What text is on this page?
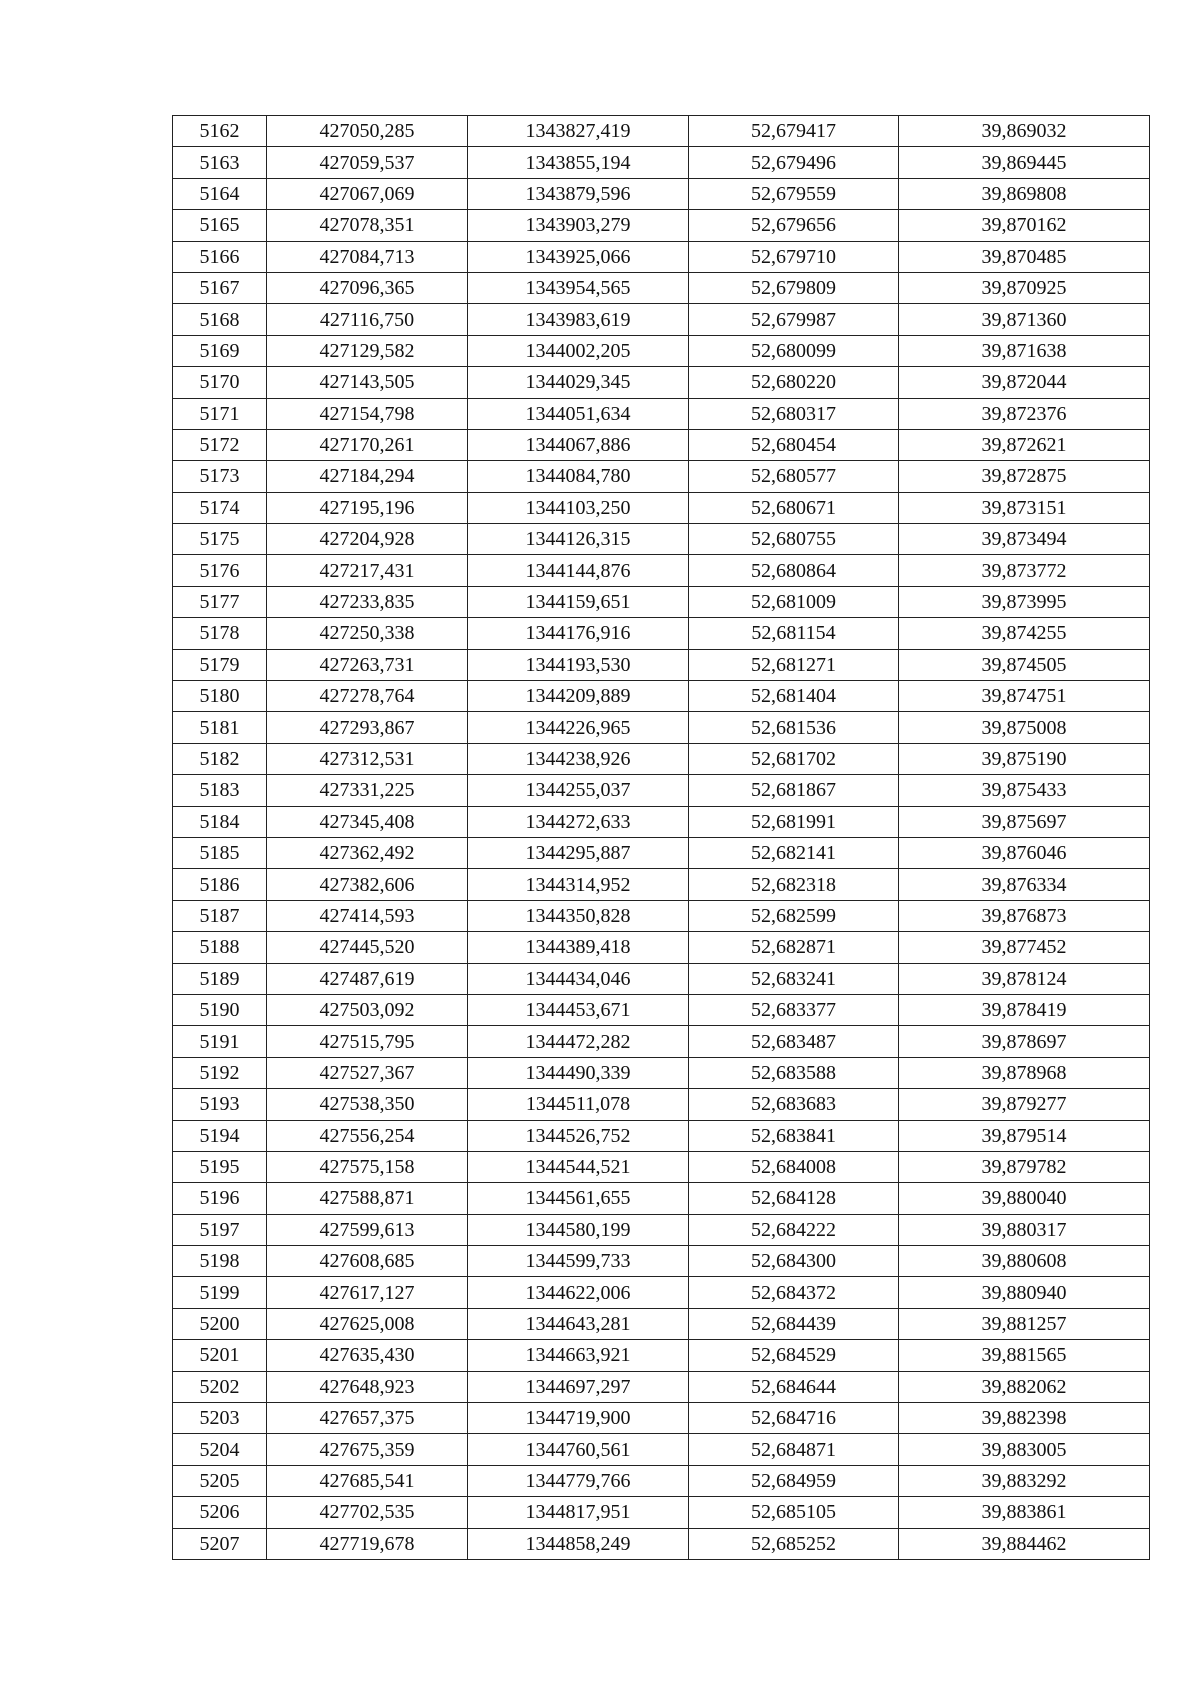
5162	427050,285	1343827,419	52,679417	39,869032
5163	427059,537	1343855,194	52,679496	39,869445
5164	427067,069	1343879,596	52,679559	39,869808
5165	427078,351	1343903,279	52,679656	39,870162
5166	427084,713	1343925,066	52,679710	39,870485
5167	427096,365	1343954,565	52,679809	39,870925
5168	427116,750	1343983,619	52,679987	39,871360
5169	427129,582	1344002,205	52,680099	39,871638
5170	427143,505	1344029,345	52,680220	39,872044
5171	427154,798	1344051,634	52,680317	39,872376
5172	427170,261	1344067,886	52,680454	39,872621
5173	427184,294	1344084,780	52,680577	39,872875
5174	427195,196	1344103,250	52,680671	39,873151
5175	427204,928	1344126,315	52,680755	39,873494
5176	427217,431	1344144,876	52,680864	39,873772
5177	427233,835	1344159,651	52,681009	39,873995
5178	427250,338	1344176,916	52,681154	39,874255
5179	427263,731	1344193,530	52,681271	39,874505
5180	427278,764	1344209,889	52,681404	39,874751
5181	427293,867	1344226,965	52,681536	39,875008
5182	427312,531	1344238,926	52,681702	39,875190
5183	427331,225	1344255,037	52,681867	39,875433
5184	427345,408	1344272,633	52,681991	39,875697
5185	427362,492	1344295,887	52,682141	39,876046
5186	427382,606	1344314,952	52,682318	39,876334
5187	427414,593	1344350,828	52,682599	39,876873
5188	427445,520	1344389,418	52,682871	39,877452
5189	427487,619	1344434,046	52,683241	39,878124
5190	427503,092	1344453,671	52,683377	39,878419
5191	427515,795	1344472,282	52,683487	39,878697
5192	427527,367	1344490,339	52,683588	39,878968
5193	427538,350	1344511,078	52,683683	39,879277
5194	427556,254	1344526,752	52,683841	39,879514
5195	427575,158	1344544,521	52,684008	39,879782
5196	427588,871	1344561,655	52,684128	39,880040
5197	427599,613	1344580,199	52,684222	39,880317
5198	427608,685	1344599,733	52,684300	39,880608
5199	427617,127	1344622,006	52,684372	39,880940
5200	427625,008	1344643,281	52,684439	39,881257
5201	427635,430	1344663,921	52,684529	39,881565
5202	427648,923	1344697,297	52,684644	39,882062
5203	427657,375	1344719,900	52,684716	39,882398
5204	427675,359	1344760,561	52,684871	39,883005
5205	427685,541	1344779,766	52,684959	39,883292
5206	427702,535	1344817,951	52,685105	39,883861
5207	427719,678	1344858,249	52,685252	39,884462
